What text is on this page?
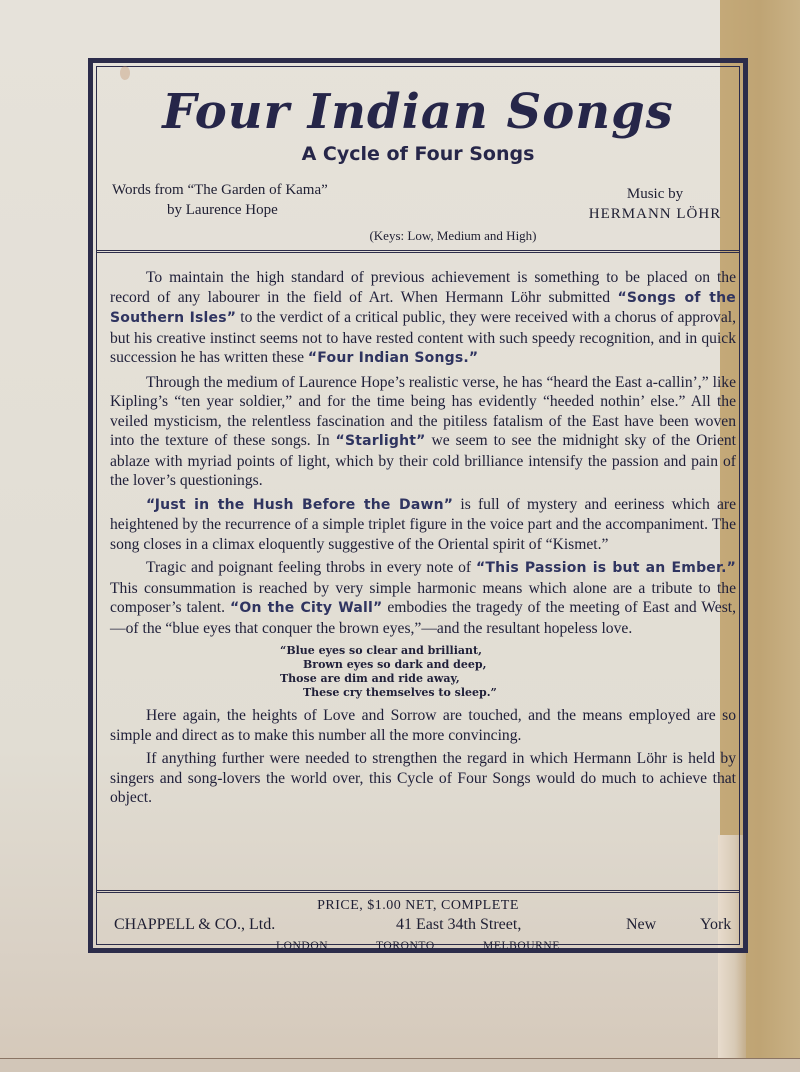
Four Indian Songs
A Cycle of Four Songs
Words from “The Garden of Kama”
by Laurence Hope
Music by
HERMANN LÖHR
(Keys: Low, Medium and High)

To maintain the high standard of previous achievement is something to be placed on the record of any labourer in the field of Art. When Hermann Löhr submitted “Songs of the Southern Isles” to the verdict of a critical public, they were received with a chorus of approval, but his creative instinct seems not to have rested content with such speedy recognition, and in quick succession he has written these “Four Indian Songs.”

Through the medium of Laurence Hope’s realistic verse, he has “heard the East a-callin’,” like Kipling’s “ten year soldier,” and for the time being has evidently “heeded nothin’ else.” All the veiled mysticism, the relentless fascination and the pitiless fatalism of the East have been woven into the texture of these songs. In “Starlight” we seem to see the midnight sky of the Orient ablaze with myriad points of light, which by their cold brilliance intensify the passion and pain of the lover’s questionings.

“Just in the Hush Before the Dawn” is full of mystery and eeriness which are heightened by the recurrence of a simple triplet figure in the voice part and the accompaniment. The song closes in a climax eloquently suggestive of the Oriental spirit of “Kismet.”

Tragic and poignant feeling throbs in every note of “This Passion is but an Ember.” This consummation is reached by very simple harmonic means which alone are a tribute to the composer’s talent. “On the City Wall” embodies the tragedy of the meeting of East and West,—of the “blue eyes that conquer the brown eyes,”—and the resultant hopeless love.

“Blue eyes so clear and brilliant,
Brown eyes so dark and deep,
Those are dim and ride away,
These cry themselves to sleep.”

Here again, the heights of Love and Sorrow are touched, and the means employed are so simple and direct as to make this number all the more convincing.

If anything further were needed to strengthen the regard in which Hermann Löhr is held by singers and song-lovers the world over, this Cycle of Four Songs would do much to achieve that object.

PRICE, $1.00 NET, COMPLETE
CHAPPELL & CO., Ltd.	41 East 34th Street,	New	York
LONDON	TORONTO	MELBOURNE
